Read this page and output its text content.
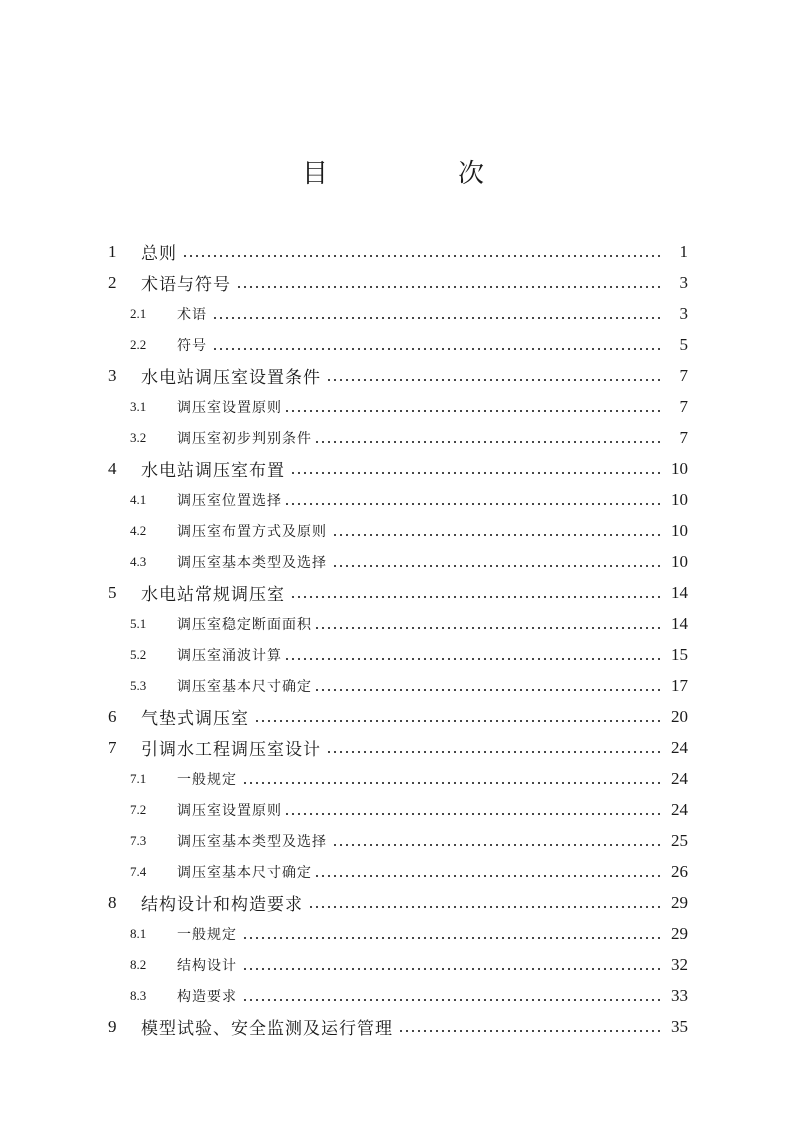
目　次
1	总则	1
2	术语与符号	3
2.1	术语	3
2.2	符号	5
3	水电站调压室设置条件	7
3.1	调压室设置原则	7
3.2	调压室初步判别条件	7
4	水电站调压室布置	10
4.1	调压室位置选择	10
4.2	调压室布置方式及原则	10
4.3	调压室基本类型及选择	10
5	水电站常规调压室	14
5.1	调压室稳定断面面积	14
5.2	调压室涌波计算	15
5.3	调压室基本尺寸确定	17
6	气垫式调压室	20
7	引调水工程调压室设计	24
7.1	一般规定	24
7.2	调压室设置原则	24
7.3	调压室基本类型及选择	25
7.4	调压室基本尺寸确定	26
8	结构设计和构造要求	29
8.1	一般规定	29
8.2	结构设计	32
8.3	构造要求	33
9	模型试验、安全监测及运行管理	35
